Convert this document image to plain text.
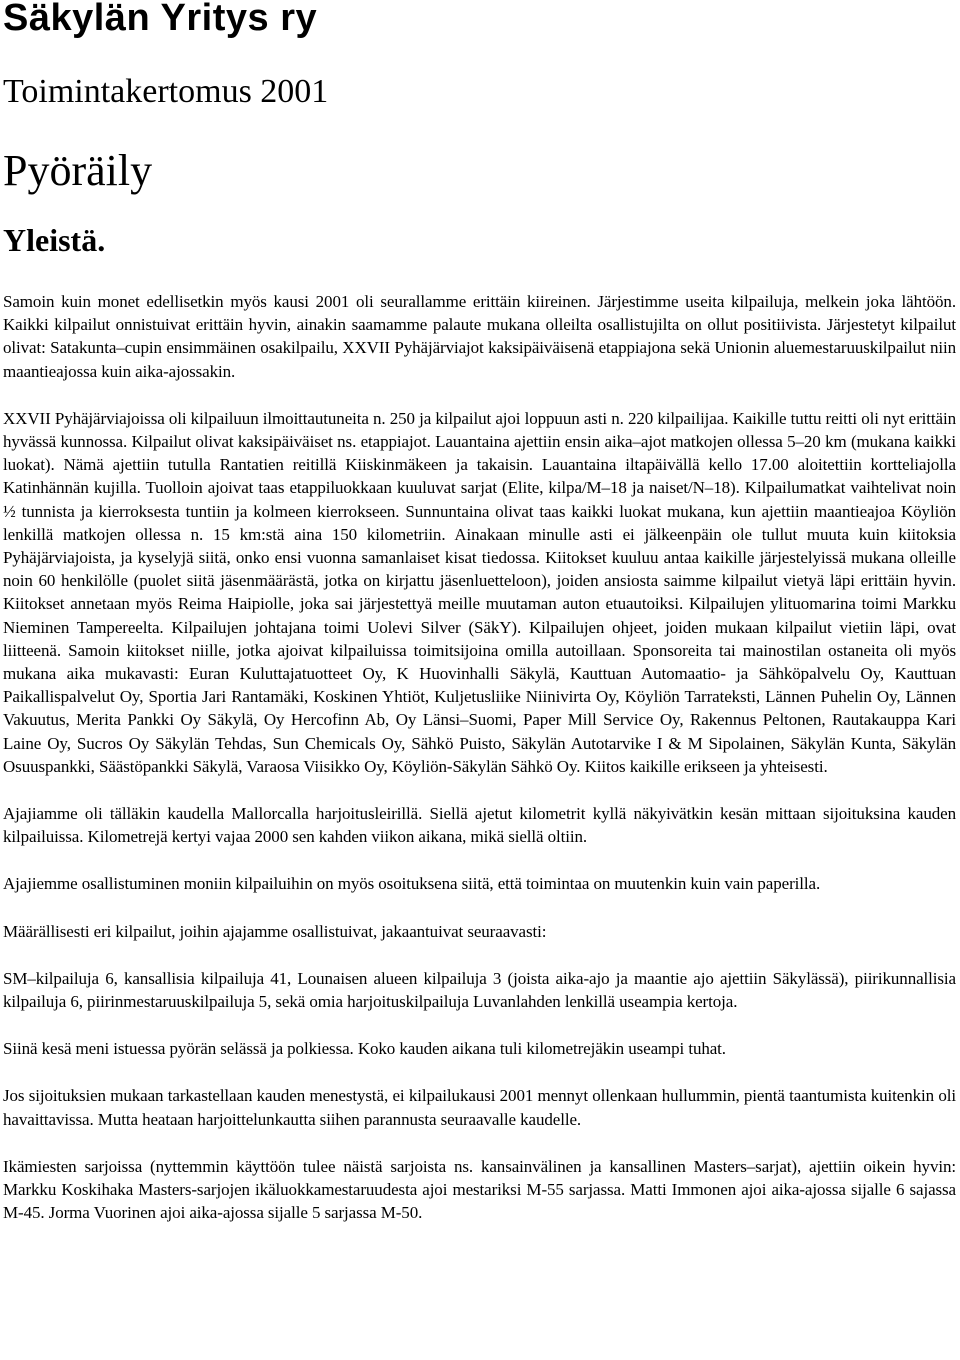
Säkylän Yritys ry
Toimintakertomus 2001
Pyöräily
Yleistä.

Samoin kuin monet edellisetkin myös kausi 2001 oli seurallamme erittäin kiireinen. Järjestimme useita kilpailuja, melkein joka lähtöön. Kaikki kilpailut onnistuivat erittäin hyvin, ainakin saamamme palaute mukana olleilta osallistujilta on ollut positiivista. Järjestetyt kilpailut olivat: Satakunta–cupin ensimmäinen osakilpailu, XXVII Pyhäjärviajot kaksipäiväisenä etappiajona sekä Unionin aluemestaruuskilpailut niin maantieajossa kuin aika-ajossakin.

XXVII Pyhäjärviajoissa oli kilpailuun ilmoittautuneita n. 250 ja kilpailut ajoi loppuun asti n. 220 kilpailijaa. Kaikille tuttu reitti oli nyt erittäin hyvässä kunnossa. Kilpailut olivat kaksipäiväiset ns. etappiajot. Lauantaina ajettiin ensin aika–ajot matkojen ollessa 5–20 km (mukana kaikki luokat). Nämä ajettiin tutulla Rantatien reitillä Kiiskinmäkeen ja takaisin. Lauantaina iltapäivällä kello 17.00 aloitettiin kortteliajolla Katinhännän kujilla. Tuolloin ajoivat taas etappiluokkaan kuuluvat sarjat (Elite, kilpa/M–18 ja naiset/N–18). Kilpailumatkat vaihtelivat noin ½ tunnista ja kierroksesta tuntiin ja kolmeen kierrokseen. Sunnuntaina olivat taas kaikki luokat mukana, kun ajettiin maantieajoa Köyliön lenkillä matkojen ollessa n. 15 km:stä aina 150 kilometriin. Ainakaan minulle asti ei jälkeenpäin ole tullut muuta kuin kiitoksia Pyhäjärviajoista, ja kyselyjä siitä, onko ensi vuonna samanlaiset kisat tiedossa. Kiitokset kuuluu antaa kaikille järjestelyissä mukana olleille noin 60 henkilölle (puolet siitä jäsenmäärästä, jotka on kirjattu jäsenluetteloon), joiden ansiosta saimme kilpailut vietyä läpi erittäin hyvin. Kiitokset annetaan myös Reima Haipiolle, joka sai järjestettyä meille muutaman auton etuautoiksi. Kilpailujen ylituomarina toimi Markku Nieminen Tampereelta. Kilpailujen johtajana toimi Uolevi Silver (SäkY). Kilpailujen ohjeet, joiden mukaan kilpailut vietiin läpi, ovat liitteenä. Samoin kiitokset niille, jotka ajoivat kilpailuissa toimitsijoina omilla autoillaan. Sponsoreita tai mainostilan ostaneita oli myös mukana aika mukavasti: Euran Kuluttajatuotteet Oy, K Huovinhalli Säkylä, Kauttuan Automaatio- ja Sähköpalvelu Oy, Kauttuan Paikallispalvelut Oy, Sportia Jari Rantamäki, Koskinen Yhtiöt, Kuljetusliike Niinivirta Oy, Köyliön Tarrateksti, Lännen Puhelin Oy, Lännen Vakuutus, Merita Pankki Oy Säkylä, Oy Hercofinn Ab, Oy Länsi–Suomi, Paper Mill Service Oy, Rakennus Peltonen, Rautakauppa Kari Laine Oy, Sucros Oy Säkylän Tehdas, Sun Chemicals Oy, Sähkö Puisto, Säkylän Autotarvike I & M Sipolainen, Säkylän Kunta, Säkylän Osuuspankki, Säästöpankki Säkylä, Varaosa Viisikko Oy, Köyliön-Säkylän Sähkö Oy. Kiitos kaikille erikseen ja yhteisesti.

Ajajiamme oli tälläkin kaudella Mallorcalla harjoitusleirillä. Siellä ajetut kilometrit kyllä näkyivätkin kesän mittaan sijoituksina kauden kilpailuissa. Kilometrejä kertyi vajaa 2000 sen kahden viikon aikana, mikä siellä oltiin.

Ajajiemme osallistuminen moniin kilpailuihin on myös osoituksena siitä, että toimintaa on muutenkin kuin vain paperilla.

Määrällisesti eri kilpailut, joihin ajajamme osallistuivat, jakaantuivat seuraavasti:

SM–kilpailuja 6, kansallisia kilpailuja 41, Lounaisen alueen kilpailuja 3 (joista aika-ajo ja maantie ajo ajettiin Säkylässä), piirikunnallisia kilpailuja 6, piirinmestaruuskilpailuja 5, sekä omia harjoituskilpailuja Luvanlahden lenkillä useampia kertoja.

Siinä kesä meni istuessa pyörän selässä ja polkiessa. Koko kauden aikana tuli kilometrejäkin useampi tuhat.

Jos sijoituksien mukaan tarkastellaan kauden menestystä, ei kilpailukausi 2001 mennyt ollenkaan hullummin, pientä taantumista kuitenkin oli havaittavissa. Mutta heataan harjoittelunkautta siihen parannusta seuraavalle kaudelle.

Ikämiesten sarjoissa (nyttemmin käyttöön tulee näistä sarjoista ns. kansainvälinen ja kansallinen Masters–sarjat), ajettiin oikein hyvin: Markku Koskihaka Masters-sarjojen ikäluokkamestaruudesta ajoi mestariksi M-55 sarjassa. Matti Immonen ajoi aika-ajossa sijalle 6 sajassa M-45. Jorma Vuorinen ajoi aika-ajossa sijalle 5 sarjassa M-50.
